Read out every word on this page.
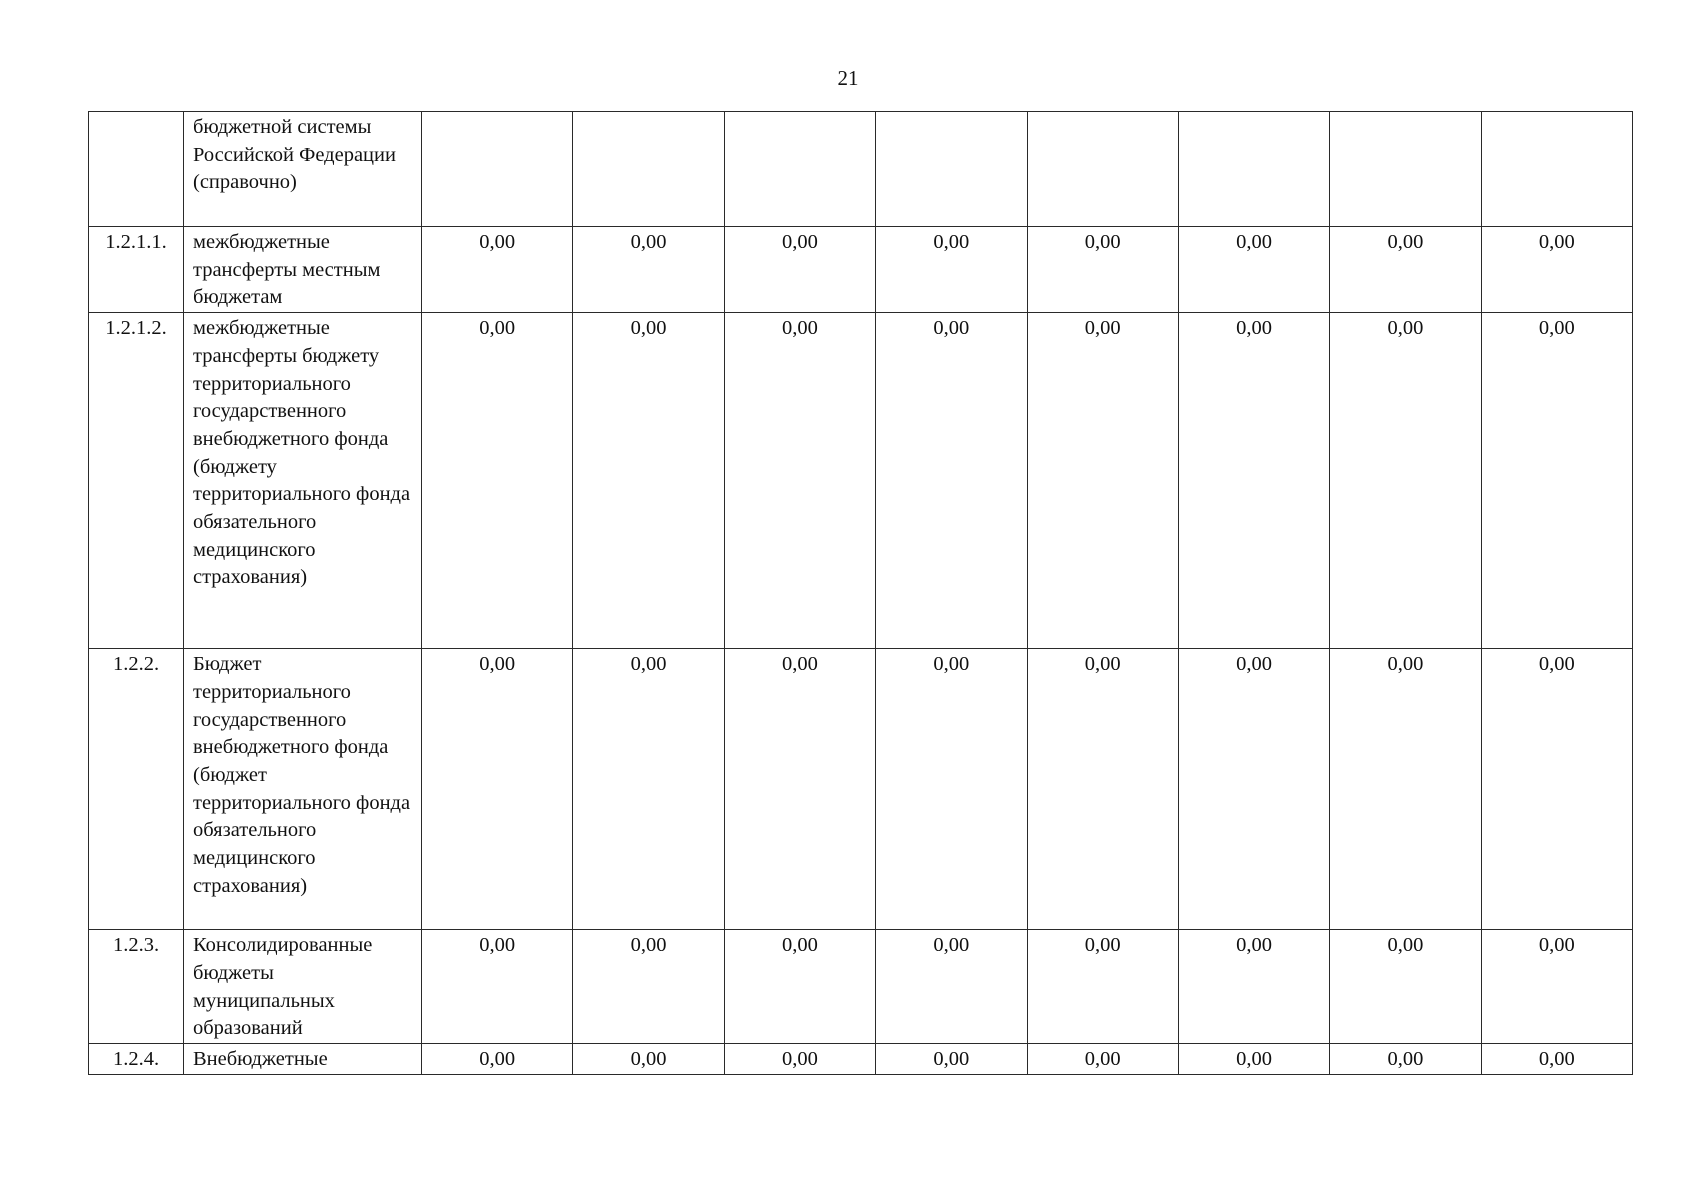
21
	бюджетной системы Российской Федерации (справочно)								
1.2.1.1.	межбюджетные трансферты местным бюджетам	0,00	0,00	0,00	0,00	0,00	0,00	0,00	0,00
1.2.1.2.	межбюджетные трансферты бюджету территориального государственного внебюджетного фонда (бюджету территориального фонда обязательного медицинского страхования)	0,00	0,00	0,00	0,00	0,00	0,00	0,00	0,00
1.2.2.	Бюджет территориального государственного внебюджетного фонда (бюджет территориального фонда обязательного медицинского страхования)	0,00	0,00	0,00	0,00	0,00	0,00	0,00	0,00
1.2.3.	Консолидированные бюджеты муниципальных образований	0,00	0,00	0,00	0,00	0,00	0,00	0,00	0,00
1.2.4.	Внебюджетные	0,00	0,00	0,00	0,00	0,00	0,00	0,00	0,00
